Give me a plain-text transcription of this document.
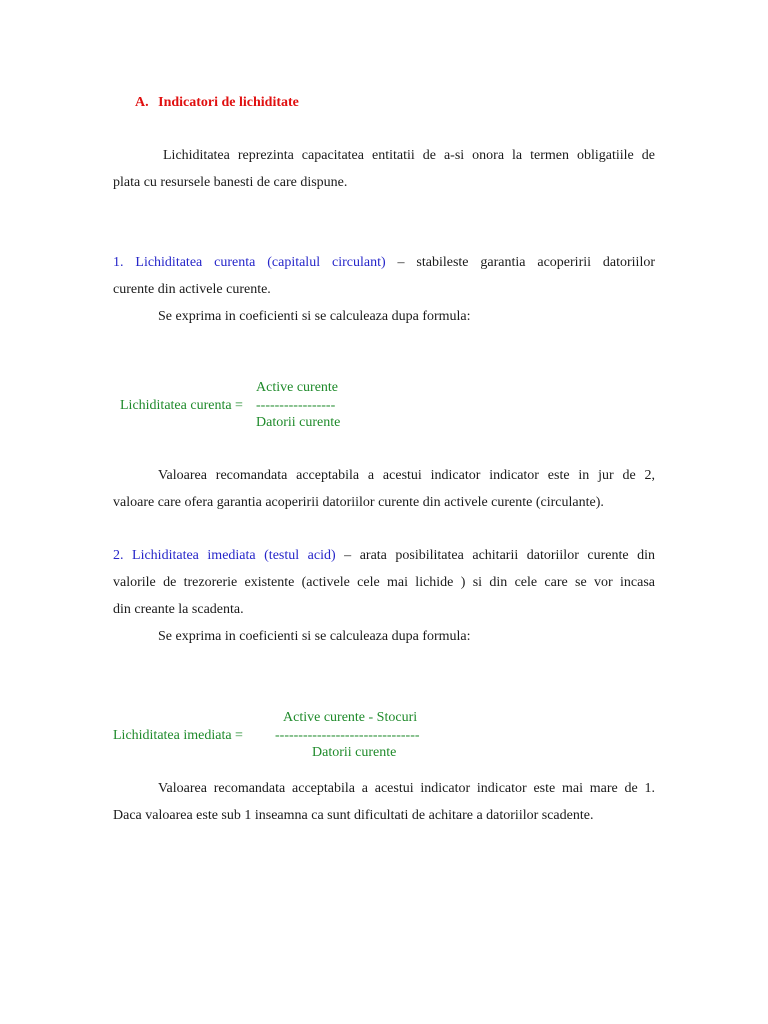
A. Indicatori de lichiditate
Lichiditatea reprezinta capacitatea entitatii de a-si onora la termen obligatiile de
plata cu resursele banesti de care dispune.
1. Lichiditatea curenta (capitalul circulant) – stabileste garantia acoperirii datoriilor
curente din activele curente.
Se exprima in coeficienti si se calculeaza dupa formula:
Active curente
Lichiditatea curenta = -----------------
Datorii curente
Valoarea recomandata acceptabila a acestui indicator indicator este in jur de 2,
valoare care ofera garantia acoperirii datoriilor curente din activele curente (circulante).
2. Lichiditatea imediata (testul acid) – arata posibilitatea achitarii datoriilor curente din
valorile de trezorerie existente (activele cele mai lichide ) si din cele care se vor incasa
din creante la scadenta.
Se exprima in coeficienti si se calculeaza dupa formula:
Active curente - Stocuri
Lichiditatea imediata = -------------------------------
Datorii curente
Valoarea recomandata acceptabila a acestui indicator indicator este mai mare de 1.
Daca valoarea este sub 1 inseamna ca sunt dificultati de achitare a datoriilor scadente.
